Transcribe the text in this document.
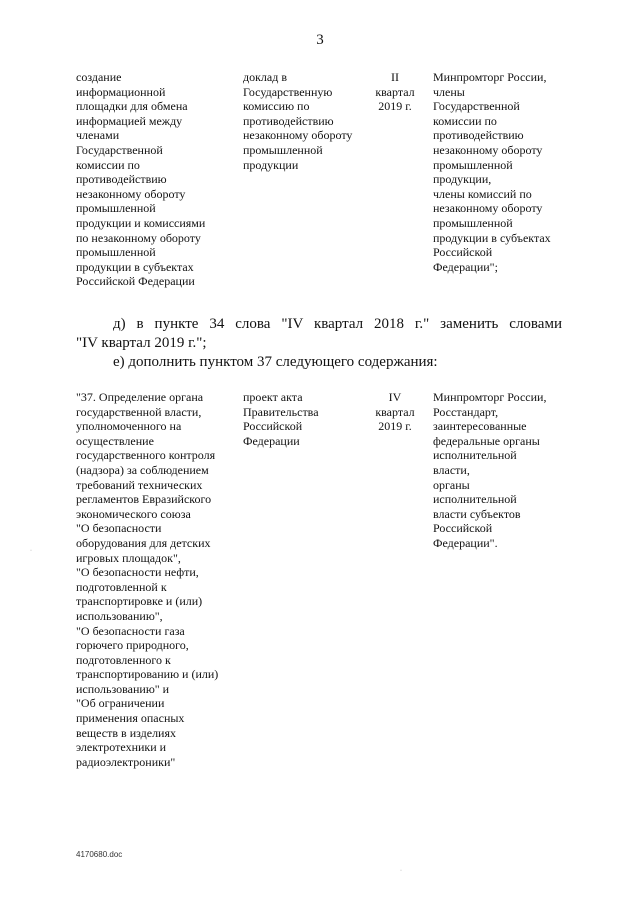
3
создание
информационной
площадки для обмена
информацией между
членами
Государственной
комиссии по
противодействию
незаконному обороту
промышленной
продукции и комиссиями
по незаконному обороту
промышленной
продукции в субъектах
Российской Федерации
доклад в
Государственную
комиссию по
противодействию
незаконному обороту
промышленной
продукции
II
квартал
2019 г.
Минпромторг России,
члены
Государственной
комиссии по
противодействию
незаконному обороту
промышленной
продукции,
члены комиссий по
незаконному обороту
промышленной
продукции в субъектах
Российской
Федерации";
д) в пункте 34 слова "IV квартал 2018 г." заменить словами
"IV квартал 2019 г.";
е) дополнить пунктом 37 следующего содержания:
"37. Определение органа
государственной власти,
уполномоченного на
осуществление
государственного контроля
(надзора) за соблюдением
требований технических
регламентов Евразийского
экономического союза
"О безопасности
оборудования для детских
игровых площадок",
"О безопасности нефти,
подготовленной к
транспортировке и (или)
использованию",
"О безопасности газа
горючего природного,
подготовленного к
транспортированию и (или)
использованию" и
"Об ограничении
применения опасных
веществ в изделиях
электротехники и
радиоэлектроники"
проект акта
Правительства
Российской
Федерации
IV
квартал
2019 г.
Минпромторг России,
Росстандарт,
заинтересованные
федеральные органы
исполнительной
власти,
органы
исполнительной
власти субъектов
Российской
Федерации".
4170680.doc
·
·
